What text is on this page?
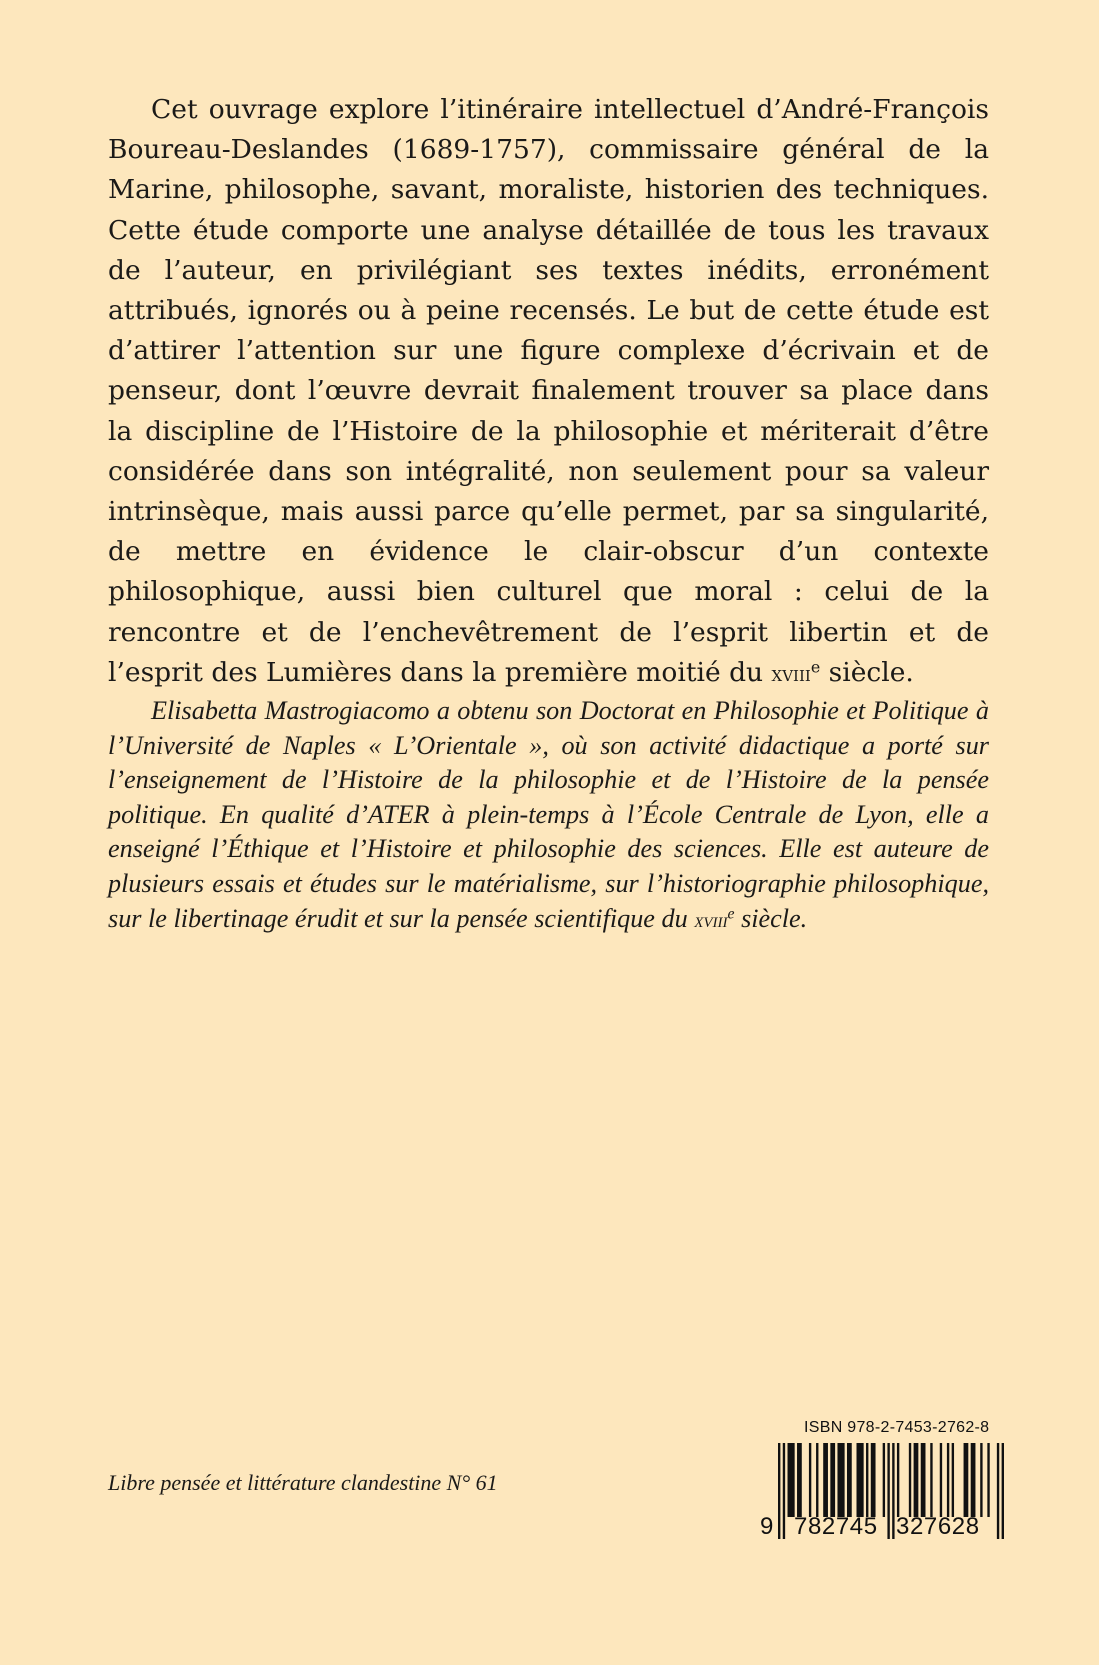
Cet ouvrage explore l’itinéraire intellectuel d’André-François Boureau-Deslandes (1689-1757), commissaire général de la Marine, philosophe, savant, moraliste, historien des techniques. Cette étude comporte une analyse détaillée de tous les travaux de l’auteur, en privilégiant ses textes inédits, erronément attribués, ignorés ou à peine recensés. Le but de cette étude est d’attirer l’attention sur une figure complexe d’écrivain et de penseur, dont l’œuvre devrait finalement trouver sa place dans la discipline de l’Histoire de la philosophie et mériterait d’être considérée dans son intégralité, non seulement pour sa valeur intrinsèque, mais aussi parce qu’elle permet, par sa singularité, de mettre en évidence le clair-obscur d’un contexte philosophique, aussi bien culturel que moral : celui de la rencontre et de l’enchevêtrement de l’esprit libertin et de l’esprit des Lumières dans la première moitié du xviii$^e$ siècle.

Elisabetta Mastrogiacomo a obtenu son Doctorat en Philosophie et Politique à l’Université de Naples « L’Orientale », où son activité didactique a porté sur l’enseignement de l’Histoire de la philosophie et de l’Histoire de la pensée politique. En qualité d’ATER à plein-temps à l’École Centrale de Lyon, elle a enseigné l’Éthique et l’Histoire et philosophie des sciences. Elle est auteure de plusieurs essais et études sur le matérialisme, sur l’historiographie philosophique, sur le libertinage érudit et sur la pensée scientifique du xviii$^e$ siècle.

Libre pensée et littérature clandestine N° 61
ISBN 978-2-7453-2762-8
9 782745 327628
